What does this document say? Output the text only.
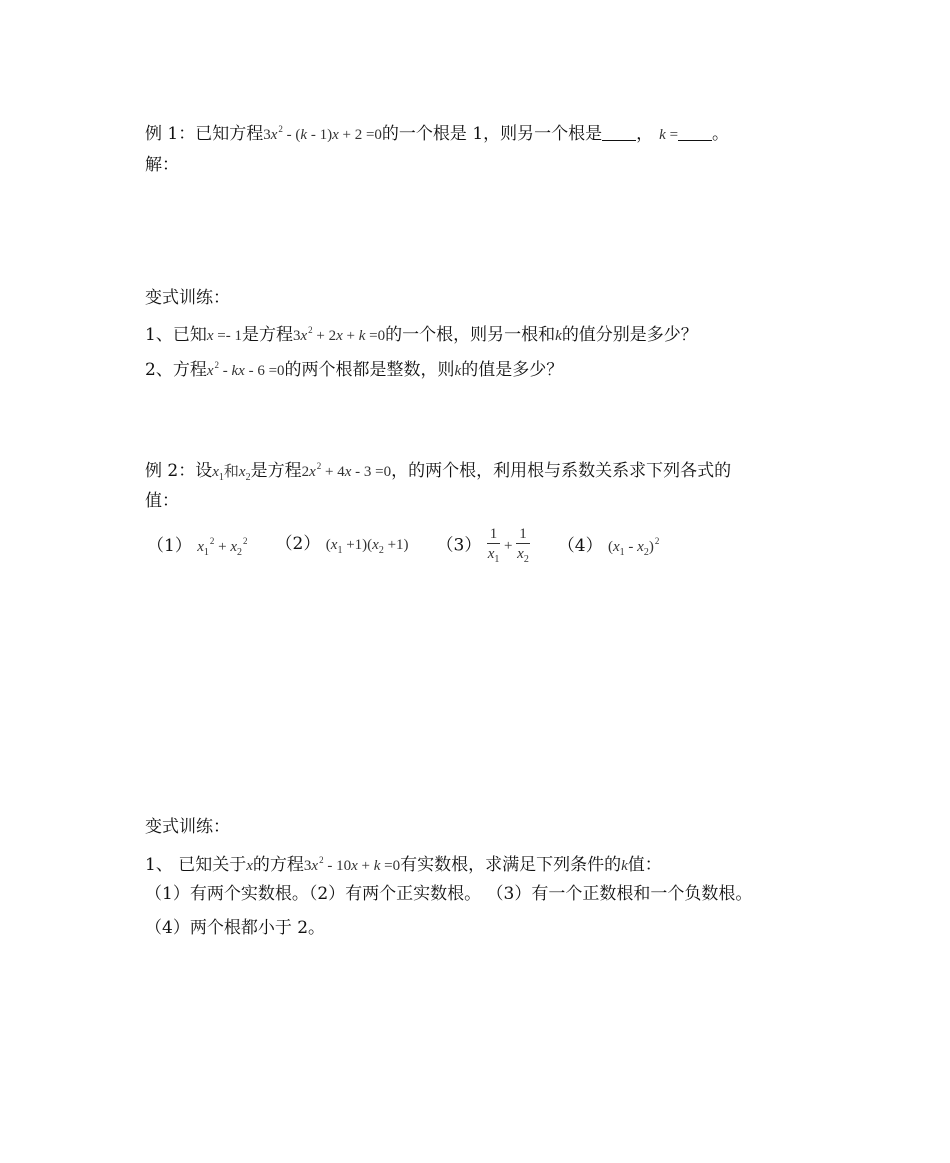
例 1：已知方程$3x^2 - (k - 1)x + 2 =0$的一个根是 1，则另一个根是 ， k = 。
解：
变式训练：
1、已知x =- 1是方程$3x^2 + 2x + k =0$的一个根，则另一根和k的值分别是多少？
2、方程$x^2$ - kx - 6 =0的两个根都是整数，则k的值是多少？
例 2：设$x_1$和$x_2$是方程$2x^2 + 4x - 3 =0$，的两个根，利用根与系数关系求下列各式的
值：
（1） $x_1^2 + x_2^2$ （2） $(x_1 +1)(x_2 +1)$ $(3) \frac{1}{x_1} + \frac{1}{x_2} (4)$ $(x_1 - x_2)^2$
变式训练：
1、 已知关于x的方程$3x^2 - 10x + k =0$有实数根，求满足下列条件的k值：
（1）有两个实数根。（2）有两个正实数根。 （3）有一个正数根和一个负数根。
（4）两个根都小于 2。
